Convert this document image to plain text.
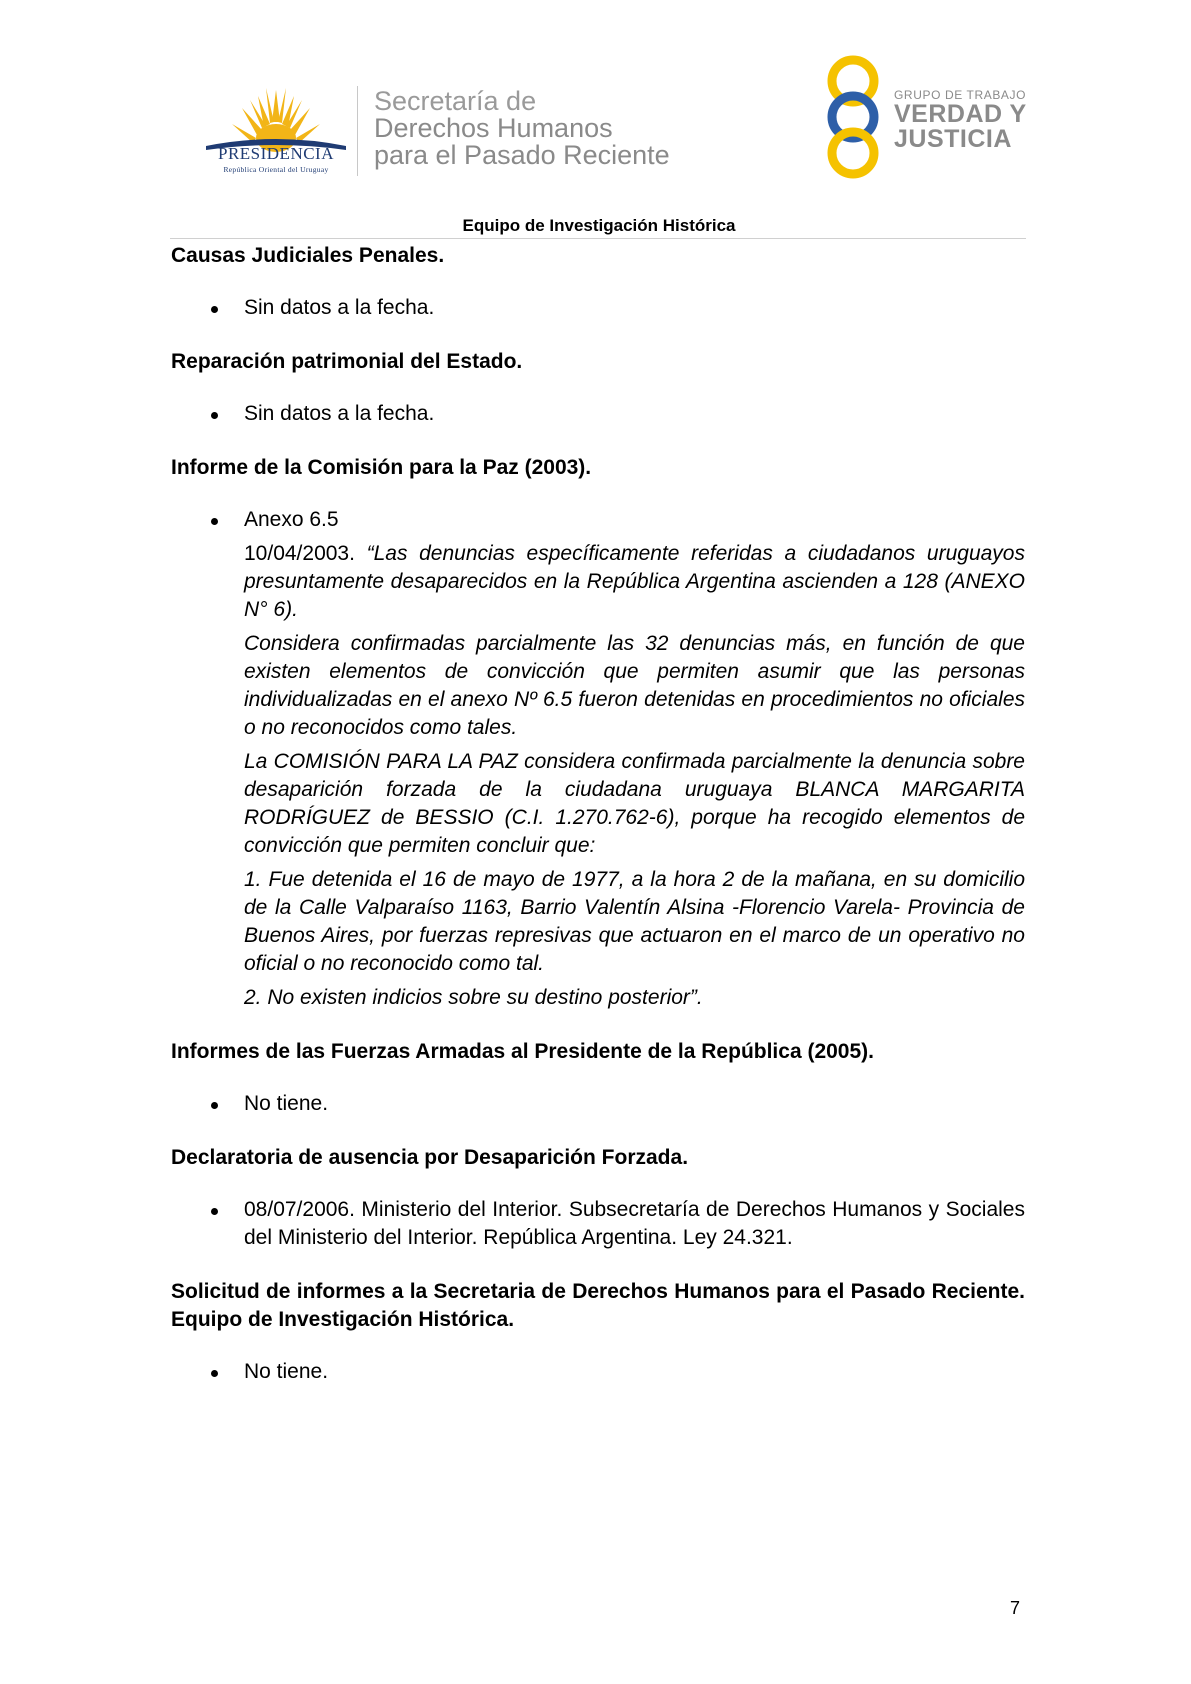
PRESIDENCIA
República Oriental del Uruguay
Secretaría de
Derechos Humanos
para el Pasado Reciente
GRUPO DE TRABAJO
VERDAD Y
JUSTICIA
Equipo de Investigación Histórica
Causas Judiciales Penales.
Sin datos a la fecha.
Reparación patrimonial del Estado.
Sin datos a la fecha.
Informe de la Comisión para la Paz (2003).
Anexo 6.5
10/04/2003. “Las denuncias específicamente referidas a ciudadanos uruguayos presuntamente desaparecidos en la República Argentina ascienden a 128 (ANEXO N° 6).
Considera confirmadas parcialmente las 32 denuncias más, en función de que existen elementos de convicción que permiten asumir que las personas individualizadas en el anexo Nº 6.5 fueron detenidas en procedimientos no oficiales o no reconocidos como tales.
La COMISIÓN PARA LA PAZ considera confirmada parcialmente la denuncia sobre desaparición forzada de la ciudadana uruguaya BLANCA MARGARITA RODRÍGUEZ de BESSIO (C.I. 1.270.762-6), porque ha recogido elementos de convicción que permiten concluir que:
1. Fue detenida el 16 de mayo de 1977, a la hora 2 de la mañana, en su domicilio de la Calle Valparaíso 1163, Barrio Valentín Alsina -Florencio Varela- Provincia de Buenos Aires, por fuerzas represivas que actuaron en el marco de un operativo no oficial o no reconocido como tal.
2. No existen indicios sobre su destino posterior”.
Informes de las Fuerzas Armadas al Presidente de la República (2005).
No tiene.
Declaratoria de ausencia por Desaparición Forzada.
08/07/2006. Ministerio del Interior. Subsecretaría de Derechos Humanos y Sociales del Ministerio del Interior. República Argentina. Ley 24.321.
Solicitud de informes a la Secretaria de Derechos Humanos para el Pasado Reciente. Equipo de Investigación Histórica.
No tiene.
7
